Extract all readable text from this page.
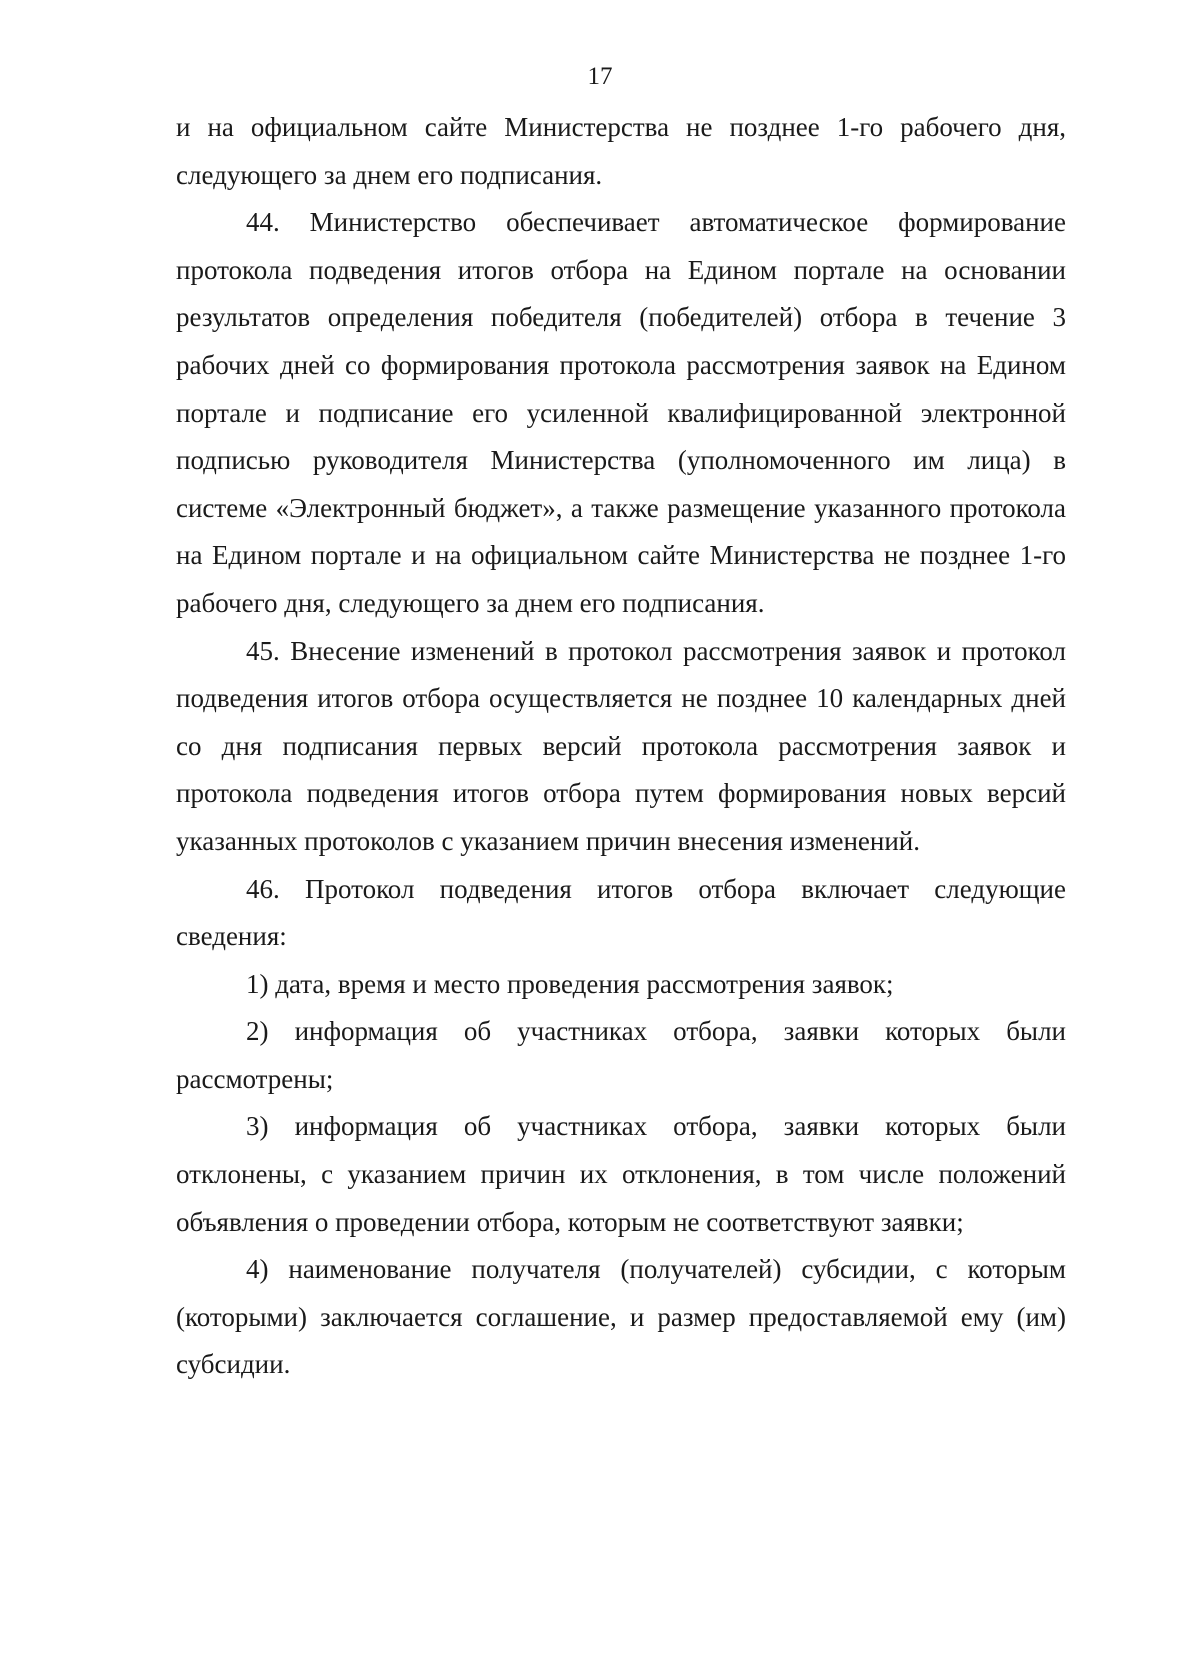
17

и на официальном сайте Министерства не позднее 1-го рабочего дня, следующего за днем его подписания.

44. Министерство обеспечивает автоматическое формирование протокола подведения итогов отбора на Едином портале на основании результатов определения победителя (победителей) отбора в течение 3 рабочих дней со формирования протокола рассмотрения заявок на Едином портале и подписание его усиленной квалифицированной электронной подписью руководителя Министерства (уполномоченного им лица) в системе «Электронный бюджет», а также размещение указанного протокола на Едином портале и на официальном сайте Министерства не позднее 1-го рабочего дня, следующего за днем его подписания.

45. Внесение изменений в протокол рассмотрения заявок и протокол подведения итогов отбора осуществляется не позднее 10 календарных дней со дня подписания первых версий протокола рассмотрения заявок и протокола подведения итогов отбора путем формирования новых версий указанных протоколов с указанием причин внесения изменений.

46. Протокол подведения итогов отбора включает следующие сведения:

1) дата, время и место проведения рассмотрения заявок;

2) информация об участниках отбора, заявки которых были рассмотрены;

3) информация об участниках отбора, заявки которых были отклонены, с указанием причин их отклонения, в том числе положений объявления о проведении отбора, которым не соответствуют заявки;

4) наименование получателя (получателей) субсидии, с которым (которыми) заключается соглашение, и размер предоставляемой ему (им) субсидии.
